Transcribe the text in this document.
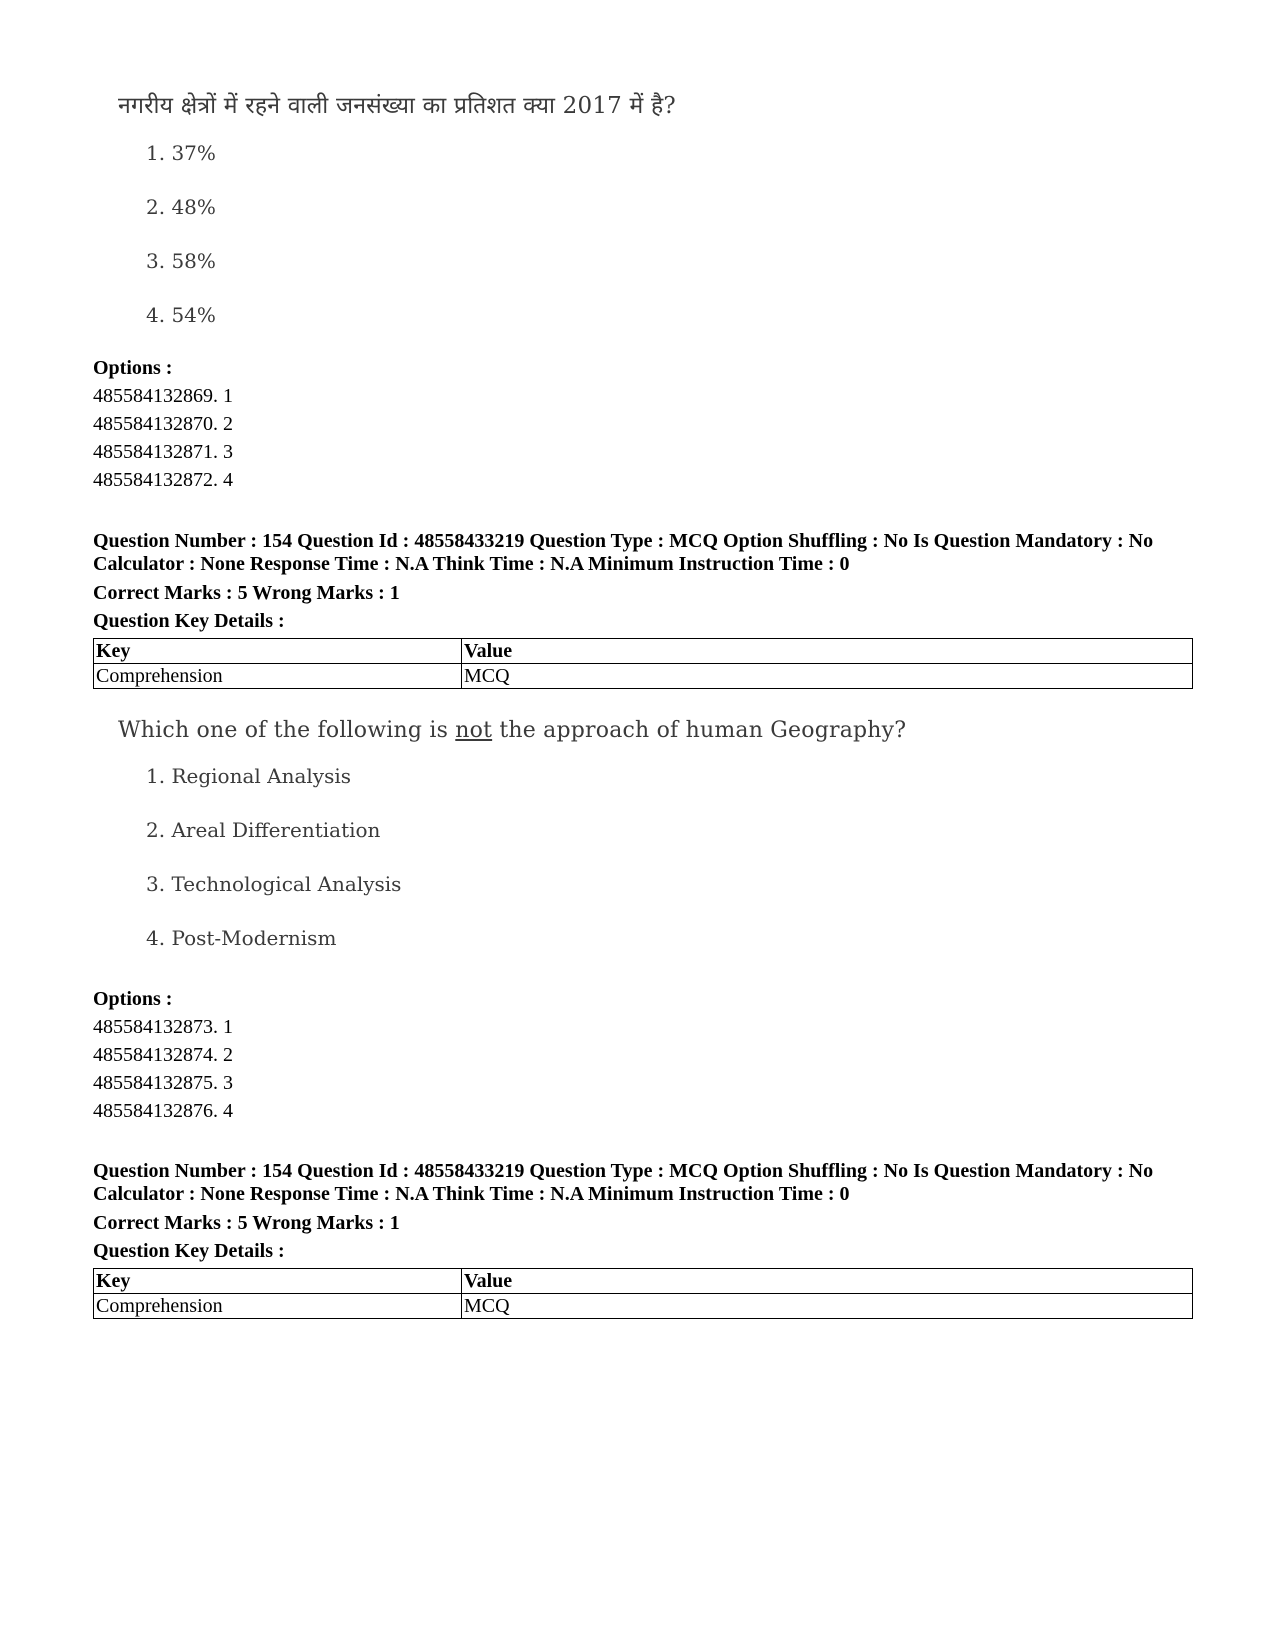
नगरीय क्षेत्रों में रहने वाली जनसंख्या का प्रतिशत क्या 2017 में है?

1. 37%
2. 48%
3. 58%
4. 54%
Options :
485584132869. 1
485584132870. 2
485584132871. 3
485584132872. 4
Question Number : 154 Question Id : 48558433219 Question Type : MCQ Option Shuffling : No Is Question Mandatory : No Calculator : None Response Time : N.A Think Time : N.A Minimum Instruction Time : 0
Correct Marks : 5 Wrong Marks : 1
Question Key Details :
Key	Value
Comprehension	MCQ

Which one of the following is not the approach of human Geography?

1. Regional Analysis
2. Areal Differentiation
3. Technological Analysis
4. Post-Modernism
Options :
485584132873. 1
485584132874. 2
485584132875. 3
485584132876. 4
Question Number : 154 Question Id : 48558433219 Question Type : MCQ Option Shuffling : No Is Question Mandatory : No Calculator : None Response Time : N.A Think Time : N.A Minimum Instruction Time : 0
Correct Marks : 5 Wrong Marks : 1
Question Key Details :
Key	Value
Comprehension	MCQ
